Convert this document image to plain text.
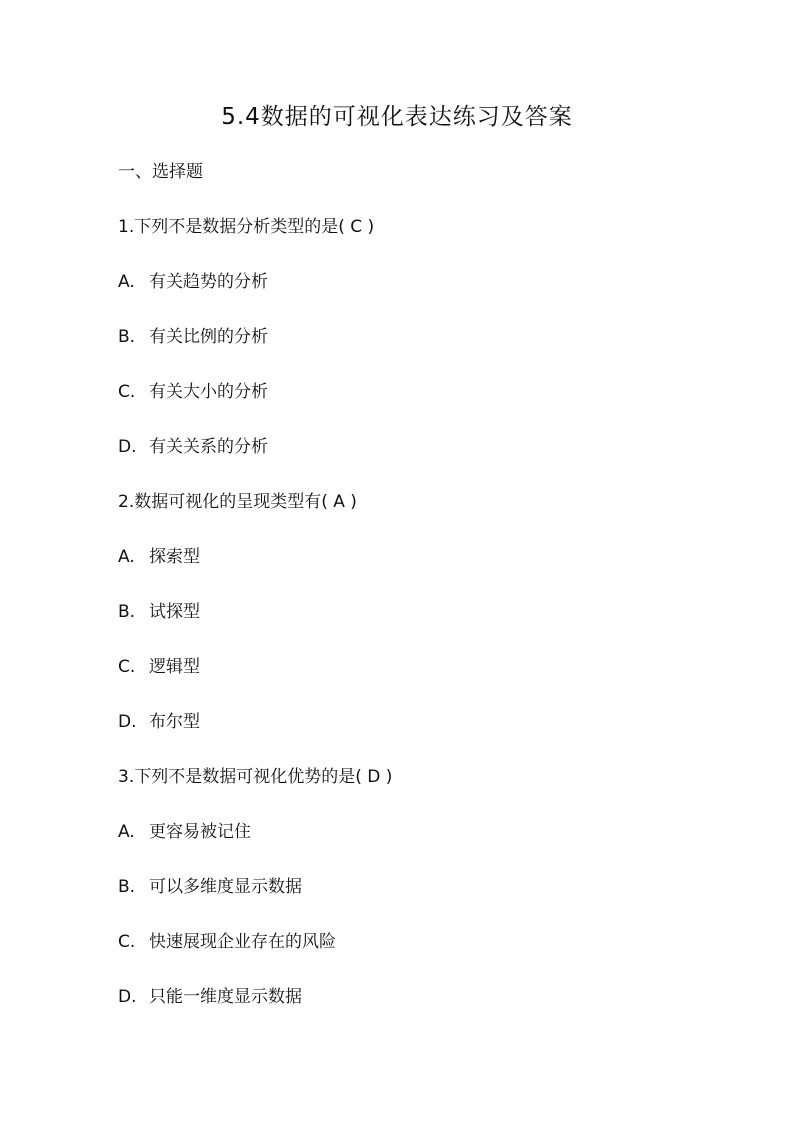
5.4数据的可视化表达练习及答案
一、选择题
1.下列不是数据分析类型的是( C )
A. 有关趋势的分析
B. 有关比例的分析
C. 有关大小的分析
D. 有关关系的分析
2.数据可视化的呈现类型有( A )
A. 探索型
B. 试探型
C. 逻辑型
D. 布尔型
3.下列不是数据可视化优势的是( D )
A. 更容易被记住
B. 可以多维度显示数据
C. 快速展现企业存在的风险
D. 只能一维度显示数据
